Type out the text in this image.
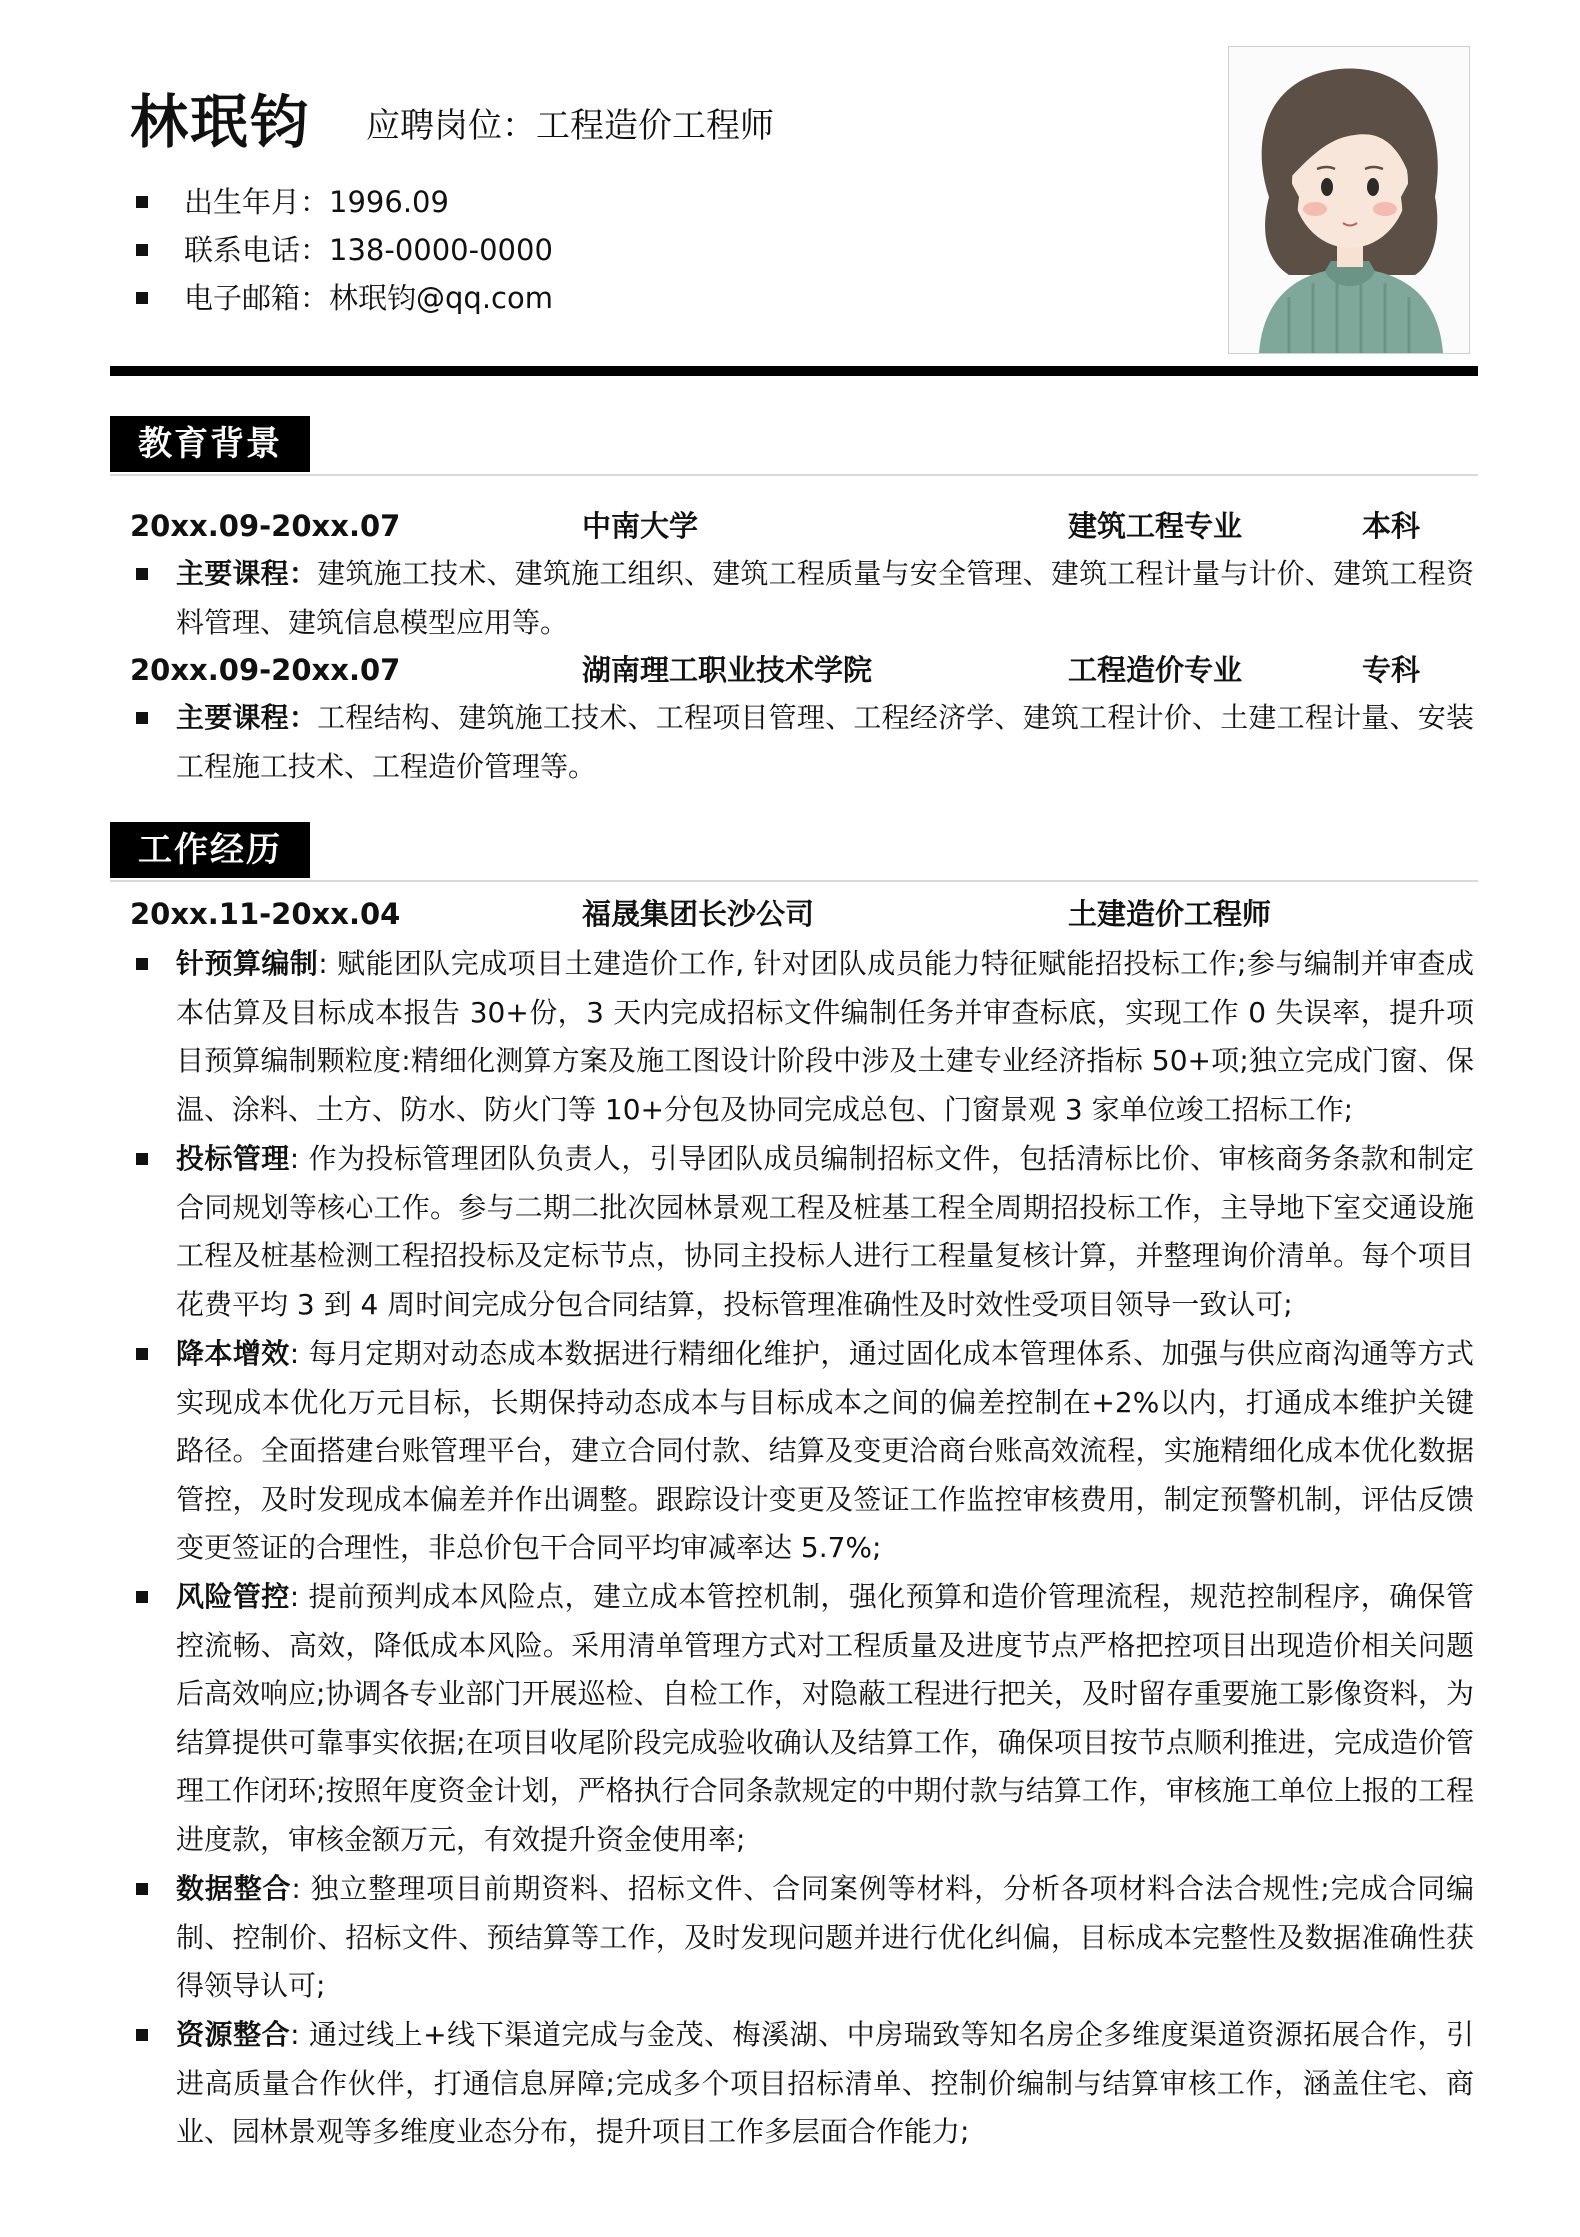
林珉钧 应聘岗位：工程造价工程师
出生年月： 1996.09
联系电话： 138-0000-0000
电子邮箱： 林珉钧@qq.com
教育背景
20xx.09-20xx.07	中南大学	建筑工程专业	本科
主要课程：建筑施工技术、建筑施工组织、建筑工程质量与安全管理、建筑工程计量与计价、建筑工程资料管理、建筑信息模型应用等。
20xx.09-20xx.07	湖南理工职业技术学院	工程造价专业	专科
主要课程：工程结构、建筑施工技术、工程项目管理、工程经济学、建筑工程计价、土建工程计量、安装工程施工技术、工程造价管理等。
工作经历
20xx.11-20xx.04	福晟集团长沙公司	土建造价工程师
针预算编制: 赋能团队完成项目土建造价工作, 针对团队成员能力特征赋能招投标工作;参与编制并审查成本估算及目标成本报告 30+份，3 天内完成招标文件编制任务并审查标底，实现工作 0 失误率，提升项目预算编制颗粒度:精细化测算方案及施工图设计阶段中涉及土建专业经济指标 50+项;独立完成门窗、保温、涂料、土方、防水、防火门等 10+分包及协同完成总包、门窗景观 3 家单位竣工招标工作;
投标管理: 作为投标管理团队负责人，引导团队成员编制招标文件，包括清标比价、审核商务条款和制定合同规划等核心工作。参与二期二批次园林景观工程及桩基工程全周期招投标工作，主导地下室交通设施工程及桩基检测工程招投标及定标节点，协同主投标人进行工程量复核计算，并整理询价清单。每个项目花费平均 3 到 4 周时间完成分包合同结算，投标管理准确性及时效性受项目领导一致认可;
降本增效: 每月定期对动态成本数据进行精细化维护，通过固化成本管理体系、加强与供应商沟通等方式实现成本优化万元目标，长期保持动态成本与目标成本之间的偏差控制在+2%以内，打通成本维护关键路径。全面搭建台账管理平台，建立合同付款、结算及变更洽商台账高效流程，实施精细化成本优化数据管控，及时发现成本偏差并作出调整。跟踪设计变更及签证工作监控审核费用，制定预警机制，评估反馈变更签证的合理性，非总价包干合同平均审减率达 5.7%;
风险管控: 提前预判成本风险点，建立成本管控机制，强化预算和造价管理流程，规范控制程序，确保管控流畅、高效，降低成本风险。采用清单管理方式对工程质量及进度节点严格把控项目出现造价相关问题后高效响应;协调各专业部门开展巡检、自检工作，对隐蔽工程进行把关，及时留存重要施工影像资料，为结算提供可靠事实依据;在项目收尾阶段完成验收确认及结算工作，确保项目按节点顺利推进，完成造价管理工作闭环;按照年度资金计划，严格执行合同条款规定的中期付款与结算工作，审核施工单位上报的工程进度款，审核金额万元，有效提升资金使用率;
数据整合: 独立整理项目前期资料、招标文件、合同案例等材料，分析各项材料合法合规性;完成合同编制、控制价、招标文件、预结算等工作，及时发现问题并进行优化纠偏，目标成本完整性及数据准确性获得领导认可;
资源整合: 通过线上+线下渠道完成与金茂、梅溪湖、中房瑞致等知名房企多维度渠道资源拓展合作，引进高质量合作伙伴，打通信息屏障;完成多个项目招标清单、控制价编制与结算审核工作，涵盖住宅、商业、园林景观等多维度业态分布，提升项目工作多层面合作能力;
